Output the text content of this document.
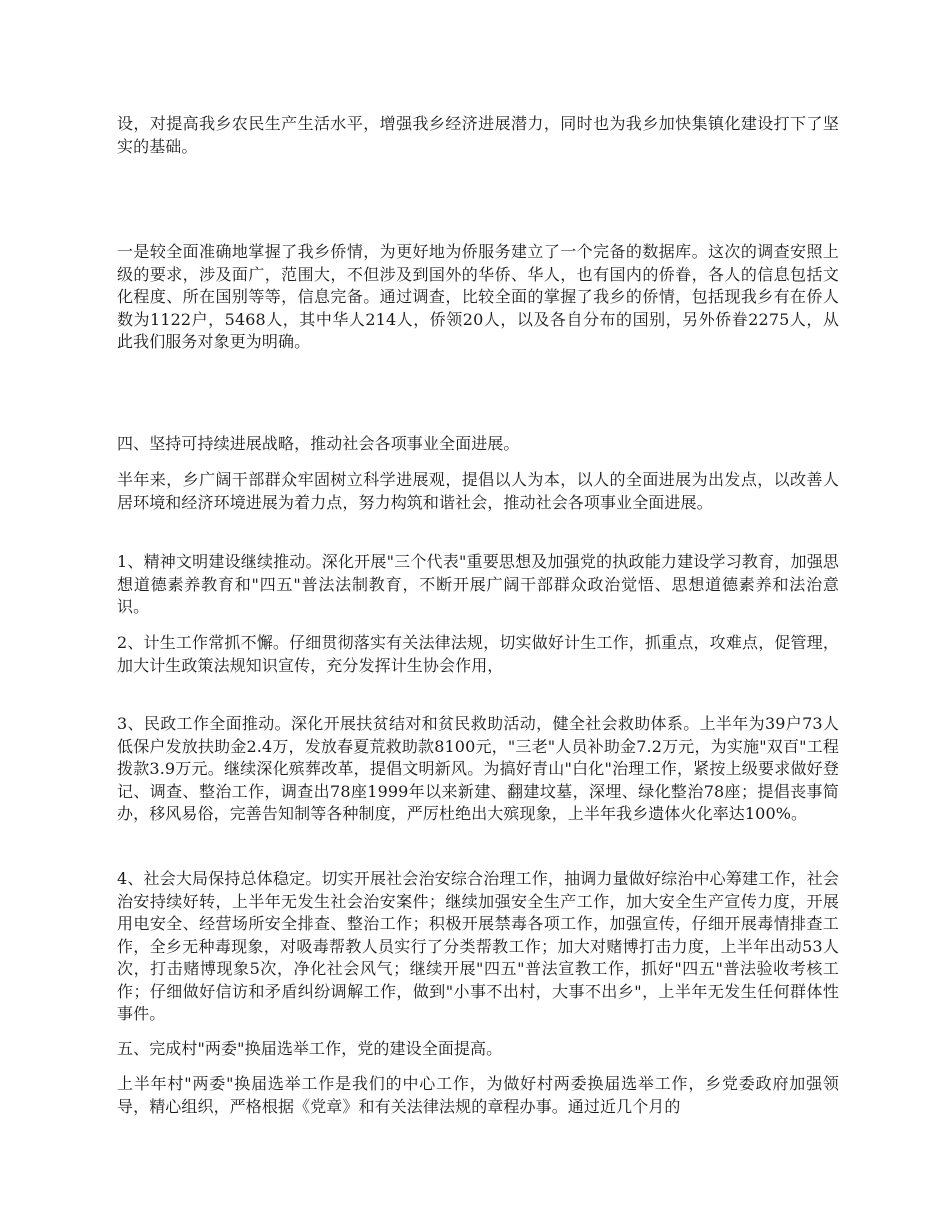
设，对提高我乡农民生产生活水平，增强我乡经济进展潜力，同时也为我乡加快集镇化建设打下了坚实的基础。

一是较全面准确地掌握了我乡侨情，为更好地为侨服务建立了一个完备的数据库。这次的调查安照上级的要求，涉及面广，范围大，不但涉及到国外的华侨、华人，也有国内的侨眷，各人的信息包括文化程度、所在国别等等，信息完备。通过调查，比较全面的掌握了我乡的侨情，包括现我乡有在侨人数为1122户，5468人，其中华人214人，侨领20人，以及各自分布的国别，另外侨眷2275人，从此我们服务对象更为明确。

四、坚持可持续进展战略，推动社会各项事业全面进展。

半年来，乡广阔干部群众牢固树立科学进展观，提倡以人为本，以人的全面进展为出发点，以改善人居环境和经济环境进展为着力点，努力构筑和谐社会，推动社会各项事业全面进展。

1、精神文明建设继续推动。深化开展"三个代表"重要思想及加强党的执政能力建设学习教育，加强思想道德素养教育和"四五"普法法制教育，不断开展广阔干部群众政治觉悟、思想道德素养和法治意识。

2、计生工作常抓不懈。仔细贯彻落实有关法律法规，切实做好计生工作，抓重点，攻难点，促管理，加大计生政策法规知识宣传，充分发挥计生协会作用，

3、民政工作全面推动。深化开展扶贫结对和贫民救助活动，健全社会救助体系。上半年为39户73人低保户发放扶助金2.4万，发放春夏荒救助款8100元，"三老"人员补助金7.2万元，为实施"双百"工程拨款3.9万元。继续深化殡葬改革，提倡文明新风。为搞好青山"白化"治理工作，紧按上级要求做好登记、调查、整治工作，调查出78座1999年以来新建、翻建坟墓，深埋、绿化整治78座；提倡丧事简办，移风易俗，完善告知制等各种制度，严厉杜绝出大殡现象，上半年我乡遗体火化率达100%。

4、社会大局保持总体稳定。切实开展社会治安综合治理工作，抽调力量做好综治中心筹建工作，社会治安持续好转，上半年无发生社会治安案件；继续加强安全生产工作，加大安全生产宣传力度，开展用电安全、经营场所安全排查、整治工作；积极开展禁毒各项工作，加强宣传，仔细开展毒情排查工作，全乡无种毒现象，对吸毒帮教人员实行了分类帮教工作；加大对赌博打击力度，上半年出动53人次，打击赌博现象5次，净化社会风气；继续开展"四五"普法宣教工作，抓好"四五"普法验收考核工作；仔细做好信访和矛盾纠纷调解工作，做到"小事不出村，大事不出乡"，上半年无发生任何群体性事件。

五、完成村"两委"换届选举工作，党的建设全面提高。

上半年村"两委"换届选举工作是我们的中心工作，为做好村两委换届选举工作，乡党委政府加强领导，精心组织，严格根据《党章》和有关法律法规的章程办事。通过近几个月的
